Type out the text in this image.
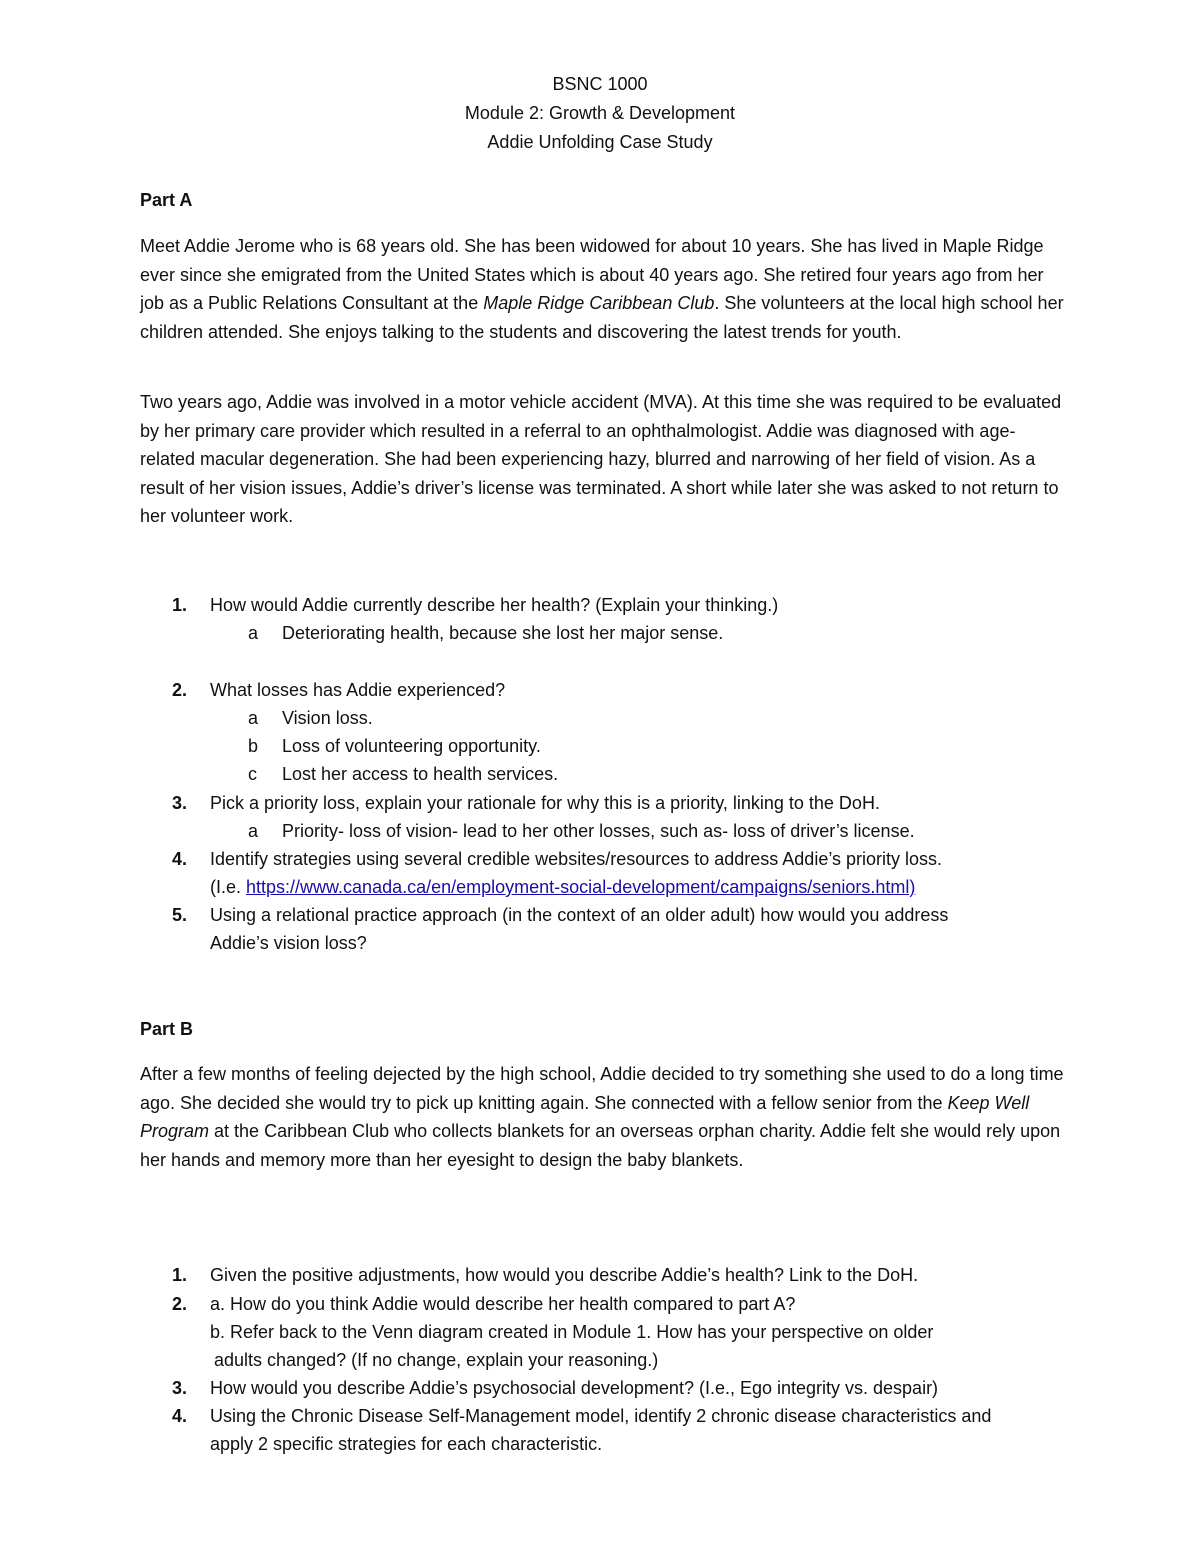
BSNC 1000
Module 2: Growth & Development
Addie Unfolding Case Study
Part A

Meet Addie Jerome who is 68 years old. She has been widowed for about 10 years. She has lived in Maple Ridge ever since she emigrated from the United States which is about 40 years ago. She retired four years ago from her job as a Public Relations Consultant at the Maple Ridge Caribbean Club. She volunteers at the local high school her children attended. She enjoys talking to the students and discovering the latest trends for youth.

Two years ago, Addie was involved in a motor vehicle accident (MVA). At this time she was required to be evaluated by her primary care provider which resulted in a referral to an ophthalmologist. Addie was diagnosed with age-related macular degeneration. She had been experiencing hazy, blurred and narrowing of her field of vision. As a result of her vision issues, Addie’s driver’s license was terminated. A short while later she was asked to not return to her volunteer work.

1. How would Addie currently describe her health? (Explain your thinking.)
a Deteriorating health, because she lost her major sense.
2. What losses has Addie experienced?
a Vision loss.
b Loss of volunteering opportunity.
c Lost her access to health services.
3. Pick a priority loss, explain your rationale for why this is a priority, linking to the DoH.
a Priority- loss of vision- lead to her other losses, such as- loss of driver’s license.
4. Identify strategies using several credible websites/resources to address Addie’s priority loss.
(I.e. https://www.canada.ca/en/employment-social-development/campaigns/seniors.html)
5. Using a relational practice approach (in the context of an older adult) how would you address
Addie’s vision loss?
Part B

After a few months of feeling dejected by the high school, Addie decided to try something she used to do a long time ago. She decided she would try to pick up knitting again. She connected with a fellow senior from the Keep Well Program at the Caribbean Club who collects blankets for an overseas orphan charity. Addie felt she would rely upon her hands and memory more than her eyesight to design the baby blankets.

1. Given the positive adjustments, how would you describe Addie’s health? Link to the DoH.
2. a. How do you think Addie would describe her health compared to part A?
b. Refer back to the Venn diagram created in Module 1. How has your perspective on older
adults changed? (If no change, explain your reasoning.)
3. How would you describe Addie’s psychosocial development? (I.e., Ego integrity vs. despair)
4. Using the Chronic Disease Self-Management model, identify 2 chronic disease characteristics and
apply 2 specific strategies for each characteristic.
